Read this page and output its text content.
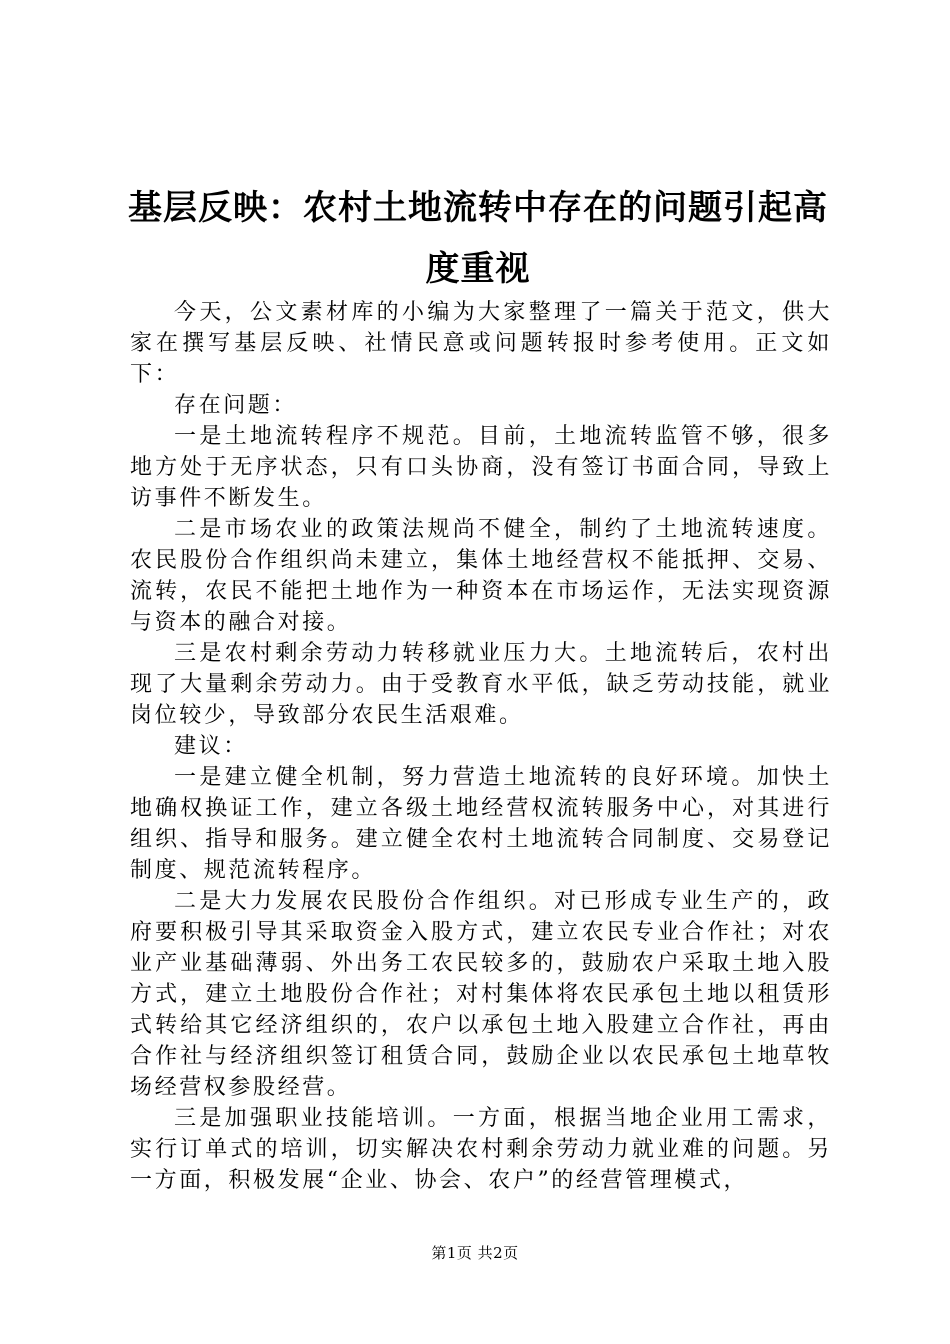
基层反映：农村土地流转中存在的问题引起高度重视

今天，公文素材库的小编为大家整理了一篇关于范文，供大家在撰写基层反映、社情民意或问题转报时参考使用。正文如下：

存在问题：

一是土地流转程序不规范。目前，土地流转监管不够，很多地方处于无序状态，只有口头协商，没有签订书面合同，导致上访事件不断发生。

二是市场农业的政策法规尚不健全，制约了土地流转速度。农民股份合作组织尚未建立，集体土地经营权不能抵押、交易、流转，农民不能把土地作为一种资本在市场运作，无法实现资源与资本的融合对接。

三是农村剩余劳动力转移就业压力大。土地流转后，农村出现了大量剩余劳动力。由于受教育水平低，缺乏劳动技能，就业岗位较少，导致部分农民生活艰难。

建议：

一是建立健全机制，努力营造土地流转的良好环境。加快土地确权换证工作，建立各级土地经营权流转服务中心，对其进行组织、指导和服务。建立健全农村土地流转合同制度、交易登记制度、规范流转程序。

二是大力发展农民股份合作组织。对已形成专业生产的，政府要积极引导其采取资金入股方式，建立农民专业合作社；对农业产业基础薄弱、外出务工农民较多的，鼓励农户采取土地入股方式，建立土地股份合作社；对村集体将农民承包土地以租赁形式转给其它经济组织的，农户以承包土地入股建立合作社，再由合作社与经济组织签订租赁合同，鼓励企业以农民承包土地草牧场经营权参股经营。

三是加强职业技能培训。一方面，根据当地企业用工需求，实行订单式的培训，切实解决农村剩余劳动力就业难的问题。另一方面，积极发展“企业、协会、农户”的经营管理模式，

第1页 共2页
